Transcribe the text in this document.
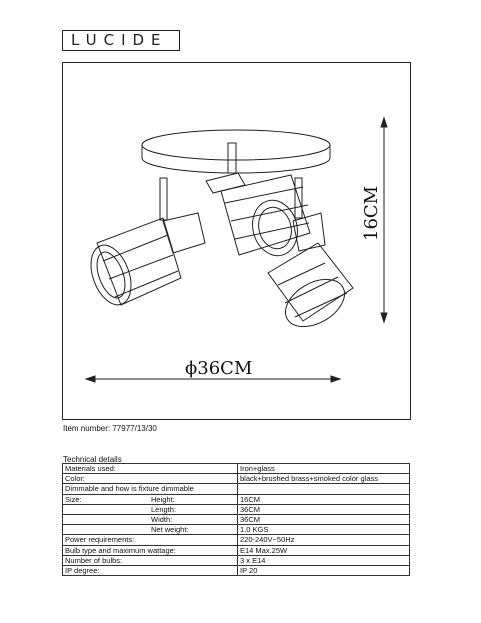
LUCIDE
ϕ36CM
16CM
Item number: 77977/13/30
Technical details
Materials used:	Iron+glass
Color:	black+brushed brass+smoked color glass
Dimmable and how is fixture dimmable	
Size: Height:	16CM
Length:	36CM
Width:	36CM
Net weight:	1.0 KGS
Power requirements:	220-240V~50Hz
Bulb type and maximum wattage:	E14 Max.25W
Number of bulbs:	3 x E14
IP degree:	IP 20
